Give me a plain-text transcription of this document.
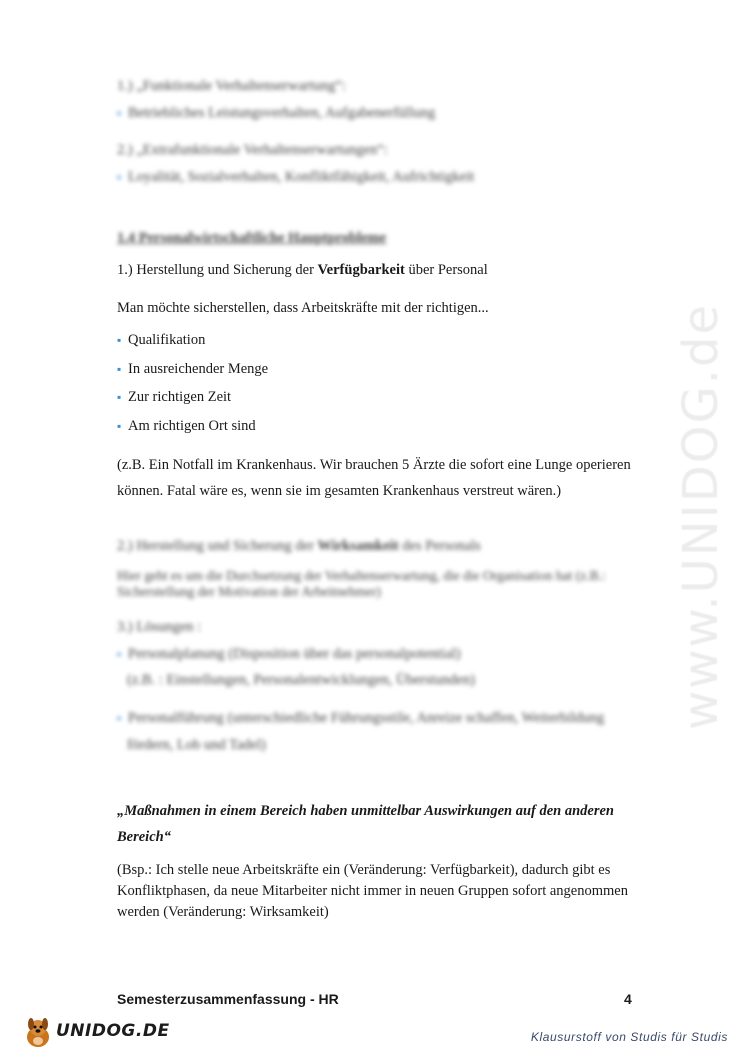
1.) „Funktionale Verhaltenserwartung“:
▪ Betriebliches Leistungsverhalten, Aufgabenerfüllung
2.) „Extrafunktionale Verhaltenserwartungen“:
▪ Loyalität, Sozialverhalten, Konfliktfähigkeit, Aufrichtigkeit
1.4 Personalwirtschaftliche Hauptprobleme
1.) Herstellung und Sicherung der Verfügbarkeit über Personal
Man möchte sicherstellen, dass Arbeitskräfte mit der richtigen...
▪ Qualifikation
▪ In ausreichender Menge
▪ Zur richtigen Zeit
▪ Am richtigen Ort sind
(z.B. Ein Notfall im Krankenhaus. Wir brauchen 5 Ärzte die sofort eine Lunge operieren können. Fatal wäre es, wenn sie im gesamten Krankenhaus verstreut wären.)
2.) Herstellung und Sicherung der Wirksamkeit des Personals
Hier geht es um die Durchsetzung der Verhaltenserwartung, die die Organisation hat (z.B.: Sicherstellung der Motivation der Arbeitnehmer)
3.) Lösungen :
▪ Personalplanung (Disposition über das personalpotential)
(z.B. : Einstellungen, Personalentwicklungen, Überstunden)
▪ Personalführung (unterschiedliche Führungsstile, Anreize schaffen, Weiterbildung
fördern, Lob und Tadel)
„Maßnahmen in einem Bereich haben unmittelbar Auswirkungen auf den anderen Bereich“
(Bsp.: Ich stelle neue Arbeitskräfte ein (Veränderung: Verfügbarkeit), dadurch gibt es Konfliktphasen, da neue Mitarbeiter nicht immer in neuen Gruppen sofort angenommen werden (Veränderung: Wirksamkeit)
www.UNIDOG.de
Semesterzusammenfassung - HR	4
UNIDOG.DE	Klausurstoff von Studis für Studis
